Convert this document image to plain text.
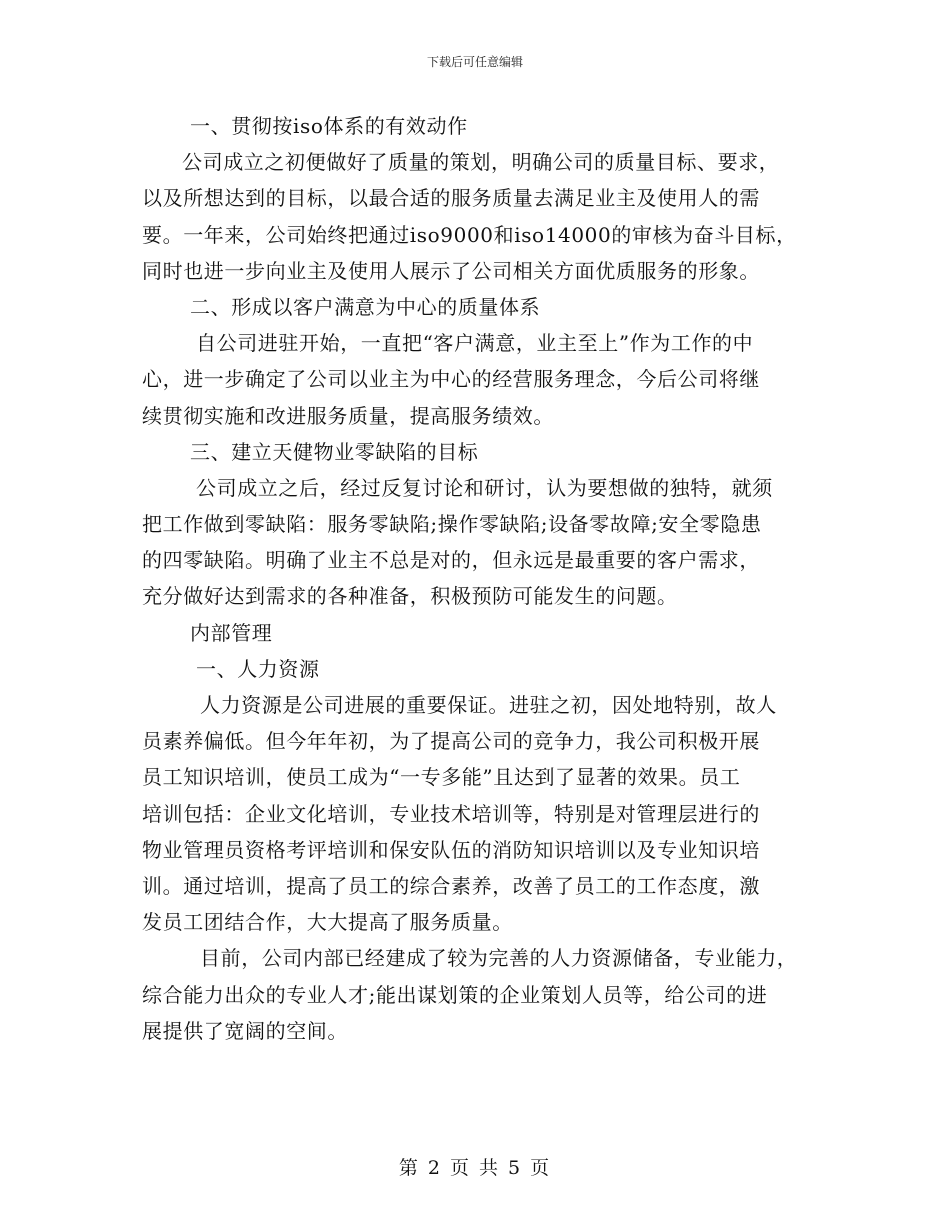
下载后可任意编辑
一、贯彻按iso体系的有效动作
公司成立之初便做好了质量的策划，明确公司的质量目标、要求，
以及所想达到的目标，以最合适的服务质量去满足业主及使用人的需
要。一年来，公司始终把通过iso9000和iso14000的审核为奋斗目标，
同时也进一步向业主及使用人展示了公司相关方面优质服务的形象。
二、形成以客户满意为中心的质量体系
自公司进驻开始，一直把“客户满意，业主至上”作为工作的中
心，进一步确定了公司以业主为中心的经营服务理念，今后公司将继
续贯彻实施和改进服务质量，提高服务绩效。
三、建立天健物业零缺陷的目标
公司成立之后，经过反复讨论和研讨，认为要想做的独特，就须
把工作做到零缺陷：服务零缺陷;操作零缺陷;设备零故障;安全零隐患
的四零缺陷。明确了业主不总是对的，但永远是最重要的客户需求，
充分做好达到需求的各种准备，积极预防可能发生的问题。
内部管理
一、人力资源
人力资源是公司进展的重要保证。进驻之初，因处地特别，故人
员素养偏低。但今年年初，为了提高公司的竞争力，我公司积极开展
员工知识培训，使员工成为“一专多能”且达到了显著的效果。员工
培训包括：企业文化培训，专业技术培训等，特别是对管理层进行的
物业管理员资格考评培训和保安队伍的消防知识培训以及专业知识培
训。通过培训，提高了员工的综合素养，改善了员工的工作态度，激
发员工团结合作，大大提高了服务质量。
目前，公司内部已经建成了较为完善的人力资源储备，专业能力，
综合能力出众的专业人才;能出谋划策的企业策划人员等，给公司的进
展提供了宽阔的空间。
第 2 页 共 5 页
